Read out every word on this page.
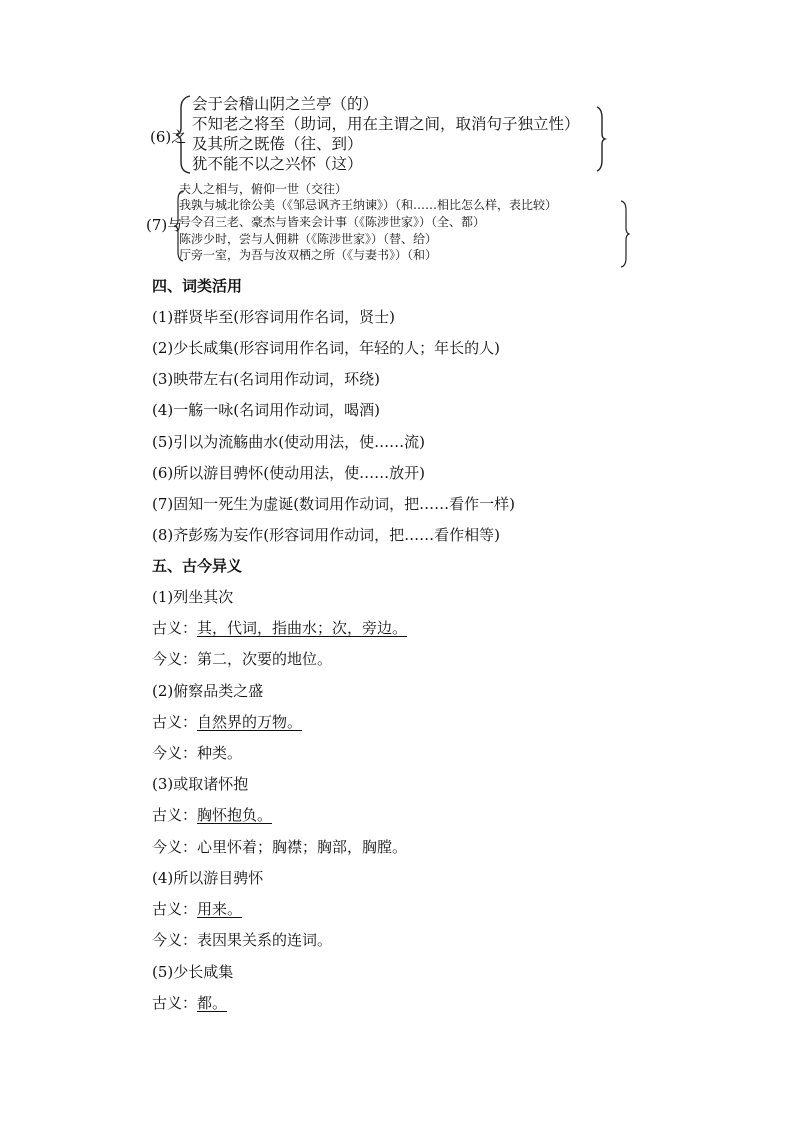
(6)之
会于会稽山阴之兰亭（的）
不知老之将至（助词，用在主谓之间，取消句子独立性）
及其所之既倦（往、到）
犹不能不以之兴怀（这）
(7)与
夫人之相与，俯仰一世（交往）
我孰与城北徐公美（《邹忌讽齐王纳谏》）（和……相比怎么样，表比较）
号令召三老、豪杰与皆来会计事（《陈涉世家》）（全、都）
陈涉少时，尝与人佣耕（《陈涉世家》）（替、给）
厅旁一室，为吾与汝双栖之所（《与妻书》）（和）
四、词类活用
(1)群贤毕至(形容词用作名词，贤士)
(2)少长咸集(形容词用作名词，年轻的人；年长的人)
(3)映带左右(名词用作动词，环绕)
(4)一觞一咏(名词用作动词，喝酒)
(5)引以为流觞曲水(使动用法，使……流)
(6)所以游目骋怀(使动用法，使……放开)
(7)固知一死生为虚诞(数词用作动词，把……看作一样)
(8)齐彭殇为妄作(形容词用作动词，把……看作相等)
五、古今异义
(1)列坐其次
古义：其，代词，指曲水；次，旁边。
今义：第二，次要的地位。
(2)俯察品类之盛
古义：自然界的万物。
今义：种类。
(3)或取诸怀抱
古义：胸怀抱负。
今义：心里怀着；胸襟；胸部，胸膛。
(4)所以游目骋怀
古义：用来。
今义：表因果关系的连词。
(5)少长咸集
古义：都。
